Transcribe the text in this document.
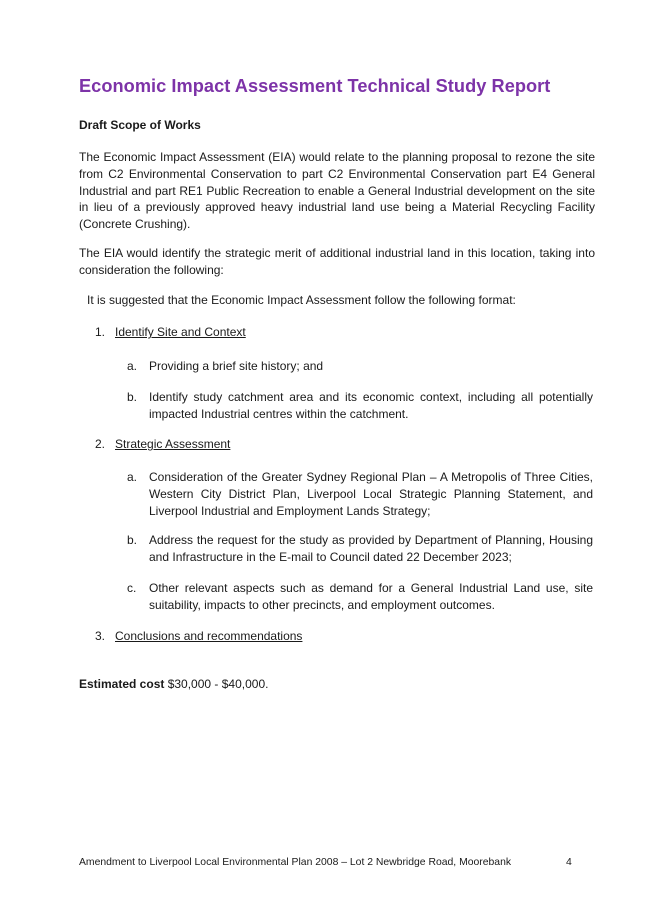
Economic Impact Assessment Technical Study Report
Draft Scope of Works

The Economic Impact Assessment (EIA) would relate to the planning proposal to rezone the site from C2 Environmental Conservation to part C2 Environmental Conservation part E4 General Industrial and part RE1 Public Recreation to enable a General Industrial development on the site in lieu of a previously approved heavy industrial land use being a Material Recycling Facility (Concrete Crushing).

The EIA would identify the strategic merit of additional industrial land in this location, taking into consideration the following:

It is suggested that the Economic Impact Assessment follow the following format:

1. Identify Site and Context
a. Providing a brief site history; and

b. Identify study catchment area and its economic context, including all potentially impacted Industrial centres within the catchment.

2. Strategic Assessment
a. Consideration of the Greater Sydney Regional Plan – A Metropolis of Three Cities, Western City District Plan, Liverpool Local Strategic Planning Statement, and Liverpool Industrial and Employment Lands Strategy;

b. Address the request for the study as provided by Department of Planning, Housing and Infrastructure in the E-mail to Council dated 22 December 2023;

c. Other relevant aspects such as demand for a General Industrial Land use, site suitability, impacts to other precincts, and employment outcomes.

3. Conclusions and recommendations
Estimated cost $30,000 - $40,000.
Amendment to Liverpool Local Environmental Plan 2008 – Lot 2 Newbridge Road, Moorebank	4
